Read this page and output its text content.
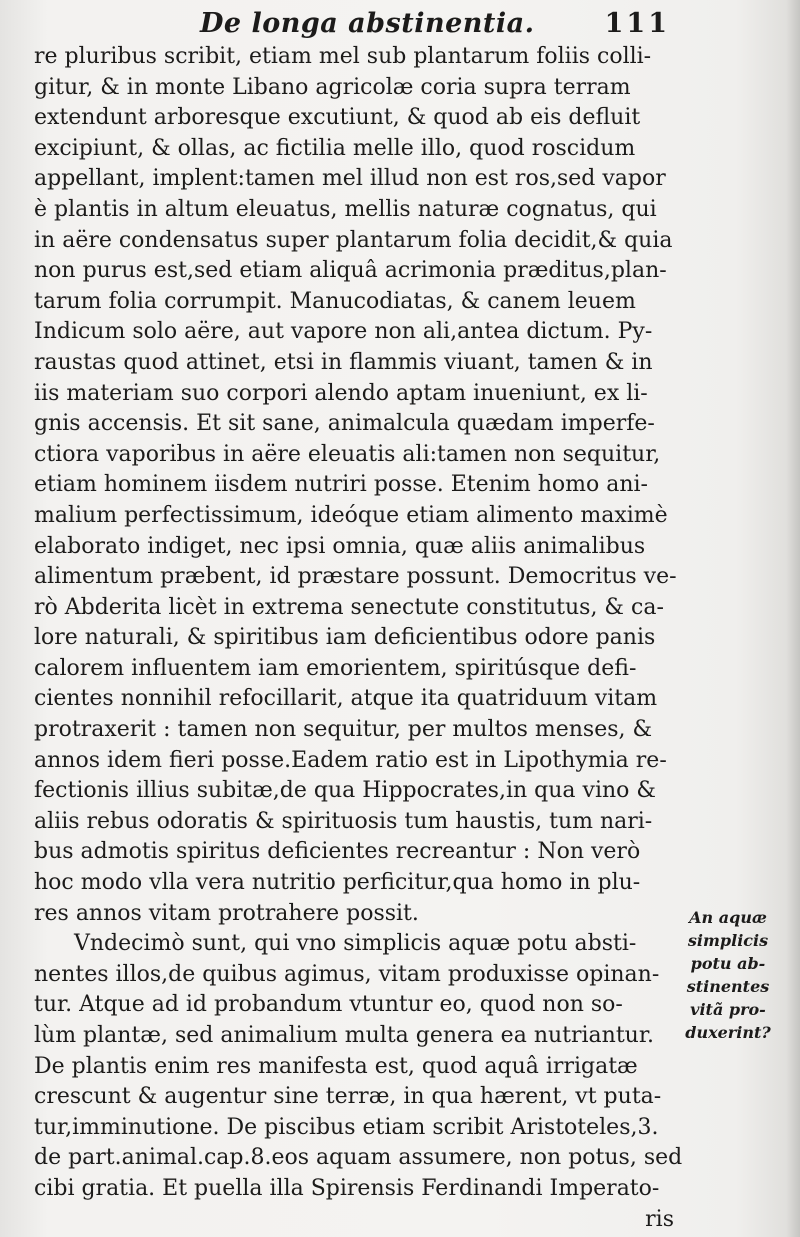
De longa abstinentia.	111
re pluribus scribit, etiam mel sub plantarum foliis colli-
gitur, & in monte Libano agricolæ coria supra terram
extendunt arboresque excutiunt, & quod ab eis defluit
excipiunt, & ollas, ac fictilia melle illo, quod roscidum
appellant, implent:tamen mel illud non est ros,sed vapor
è plantis in altum eleuatus, mellis naturæ cognatus, qui
in aëre condensatus super plantarum folia decidit,& quia
non purus est,sed etiam aliquâ acrimonia præditus,plan-
tarum folia corrumpit. Manucodiatas, & canem leuem
Indicum solo aëre, aut vapore non ali,antea dictum. Py-
raustas quod attinet, etsi in flammis viuant, tamen & in
iis materiam suo corpori alendo aptam inueniunt, ex li-
gnis accensis. Et sit sane, animalcula quædam imperfe-
ctiora vaporibus in aëre eleuatis ali:tamen non sequitur,
etiam hominem iisdem nutriri posse. Etenim homo ani-
malium perfectissimum, ideóque etiam alimento maximè
elaborato indiget, nec ipsi omnia, quæ aliis animalibus
alimentum præbent, id præstare possunt. Democritus ve-
rò Abderita licèt in extrema senectute constitutus, & ca-
lore naturali, & spiritibus iam deficientibus odore panis
calorem influentem iam emorientem, spiritúsque defi-
cientes nonnihil refocillarit, atque ita quatriduum vitam
protraxerit : tamen non sequitur, per multos menses, &
annos idem fieri posse.Eadem ratio est in Lipothymia re-
fectionis illius subitæ,de qua Hippocrates,in qua vino &
aliis rebus odoratis & spirituosis tum haustis, tum nari-
bus admotis spiritus deficientes recreantur : Non verò
hoc modo vlla vera nutritio perficitur,qua homo in plu-
res annos vitam protrahere possit.
Vndecimò sunt, qui vno simplicis aquæ potu absti-
nentes illos,de quibus agimus, vitam produxisse opinan-
tur. Atque ad id probandum vtuntur eo, quod non so-
lùm plantæ, sed animalium multa genera ea nutriantur.
De plantis enim res manifesta est, quod aquâ irrigatæ
crescunt & augentur sine terræ, in qua hærent, vt puta-
tur,imminutione. De piscibus etiam scribit Aristoteles,3.
de part.animal.cap.8.eos aquam assumere, non potus, sed
cibi gratia. Et puella illa Spirensis Ferdinandi Imperato-
ris
An aquæ
simplicis
potu ab-
stinentes
vitã pro-
duxerint?
